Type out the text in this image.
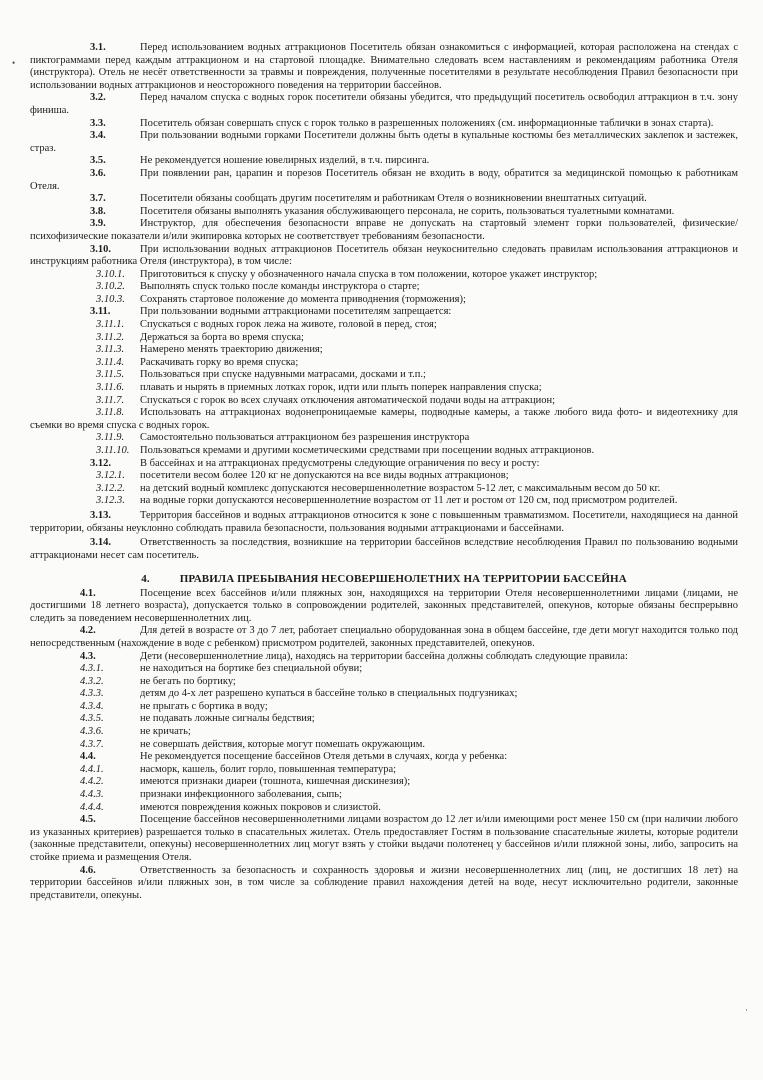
•
·

3.1.	Перед использованием водных аттракционов Посетитель обязан ознакомиться с информацией, которая расположена на стендах с пиктограммами перед каждым аттракционом и на стартовой площадке. Внимательно следовать всем наставлениям и рекомендациям работника Отеля (инструктора). Отель не несёт ответственности за травмы и повреждения, полученные посетителями в результате несоблюдения Правил безопасности при использовании водных аттракционов и неосторожного поведения на территории бассейнов.

3.2.	Перед началом спуска с водных горок посетители обязаны убедится, что предыдущий посетитель освободил аттракцион в т.ч. зону финиша.

3.3.	Посетитель обязан совершать спуск с горок только в разрешенных положениях (см. информационные таблички в зонах старта).

3.4.	При пользовании водными горками Посетители должны быть одеты в купальные костюмы без металлических заклепок и застежек, страз.

3.5.	Не рекомендуется ношение ювелирных изделий, в т.ч. пирсинга.

3.6.	При появлении ран, царапин и порезов Посетитель обязан не входить в воду, обратится за медицинской помощью к работникам Отеля.

3.7.	Посетители обязаны сообщать другим посетителям и работникам Отеля о возникновении внештатных ситуаций.

3.8.	Посетителя обязаны выполнять указания обслуживающего персонала, не сорить, пользоваться туалетными комнатами.

3.9.	Инструктор, для обеспечения безопасности вправе не допускать на стартовый элемент горки пользователей, физические/ психофизические показатели и/или экипировка которых не соответствует требованиям безопасности.

3.10.	При использовании водных аттракционов Посетитель обязан неукоснительно следовать правилам использования аттракционов и инструкциям работника Отеля (инструктора), в том числе:

3.10.1. Приготовиться к спуску у обозначенного начала спуска в том положении, которое укажет инструктор;

3.10.2. Выполнять спуск только после команды инструктора о старте;

3.10.3. Сохранять стартовое положение до момента приводнения (торможения);

3.11.	При пользовании водными аттракционами посетителям запрещается:

3.11.1. Спускаться с водных горок лежа на животе, головой в перед, стоя;

3.11.2. Держаться за борта во время спуска;

3.11.3. Намерено менять траекторию движения;

3.11.4. Раскачивать горку во время спуска;

3.11.5. Пользоваться при спуске надувными матрасами, досками и т.п.;

3.11.6. плавать и нырять в приемных лотках горок, идти или плыть поперек направления спуска;

3.11.7. Спускаться с горок во всех случаях отключения автоматической подачи воды на аттракцион;

3.11.8. Использовать на аттракционах водонепроницаемые камеры, подводные камеры, а также любого вида фото- и видеотехнику для съемки во время спуска с водных горок.

3.11.9. Самостоятельно пользоваться аттракционом без разрешения инструктора

3.11.10. Пользоваться кремами и другими косметическими средствами при посещении водных аттракционов.

3.12.	В бассейнах и на аттракционах предусмотрены следующие ограничения по весу и росту:

3.12.1. посетители весом более 120 кг не допускаются на все виды водных аттракционов;

3.12.2. на детский водный комплекс допускаются несовершеннолетние возрастом 5-12 лет, с максимальным весом до 50 кг.

3.12.3. на водные горки допускаются несовершеннолетние возрастом от 11 лет и ростом от 120 см, под присмотром родителей.

3.13.	Территория бассейнов и водных аттракционов относится к зоне с повышенным травматизмом. Посетители, находящиеся на данной территории, обязаны неуклонно соблюдать правила безопасности, пользования водными аттракционами и бассейнами.

3.14.	Ответственность за последствия, возникшие на территории бассейнов вследствие несоблюдения Правил по пользованию водными аттракционами несет сам посетитель.

4.	ПРАВИЛА ПРЕБЫВАНИЯ НЕСОВЕРШЕНОЛЕТНИХ НА ТЕРРИТОРИИ БАССЕЙНА

4.1.	Посещение всех бассейнов и/или пляжных зон, находящихся на территории Отеля несовершеннолетними лицами (лицами, не достигшими 18 летнего возраста), допускается только в сопровождении родителей, законных представителей, опекунов, которые обязаны беспрерывно следить за поведением несовершеннолетних лиц.

4.2.	Для детей в возрасте от 3 до 7 лет, работает специально оборудованная зона в общем бассейне, где дети могут находится только под непосредственным (нахождение в воде с ребенком) присмотром родителей, законных представителей, опекунов.

4.3.	Дети (несовершеннолетние лица), находясь на территории бассейна должны соблюдать следующие правила:

4.3.1.	не находиться на бортике без специальной обуви;

4.3.2.	не бегать по бортику;

4.3.3.	детям до 4-х лет разрешено купаться в бассейне только в специальных подгузниках;

4.3.4.	не прыгать с бортика в воду;

4.3.5.	не подавать ложные сигналы бедствия;

4.3.6.	не кричать;

4.3.7.	не совершать действия, которые могут помешать окружающим.

4.4.	Не рекомендуется посещение бассейнов Отеля детьми в случаях, когда у ребенка:

4.4.1.	насморк, кашель, болит горло, повышенная температура;

4.4.2.	имеются признаки диареи (тошнота, кишечная дискинезия);

4.4.3.	признаки инфекционного заболевания, сыпь;

4.4.4.	имеются повреждения кожных покровов и слизистой.

4.5.	Посещение бассейнов несовершеннолетними лицами возрастом до 12 лет и/или имеющими рост менее 150 см (при наличии любого из указанных критериев) разрешается только в спасательных жилетах. Отель предоставляет Гостям в пользование спасательные жилеты, которые родители (законные представители, опекуны) несовершеннолетних лиц могут взять у стойки выдачи полотенец у бассейнов и/или пляжной зоны, либо, запросить на стойке приема и размещения Отеля.

4.6.	Ответственность за безопасность и сохранность здоровья и жизни несовершеннолетних лиц (лиц, не достигших 18 лет) на территории бассейнов и/или пляжных зон, в том числе за соблюдение правил нахождения детей на воде, несут исключительно родители, законные представители, опекуны.
